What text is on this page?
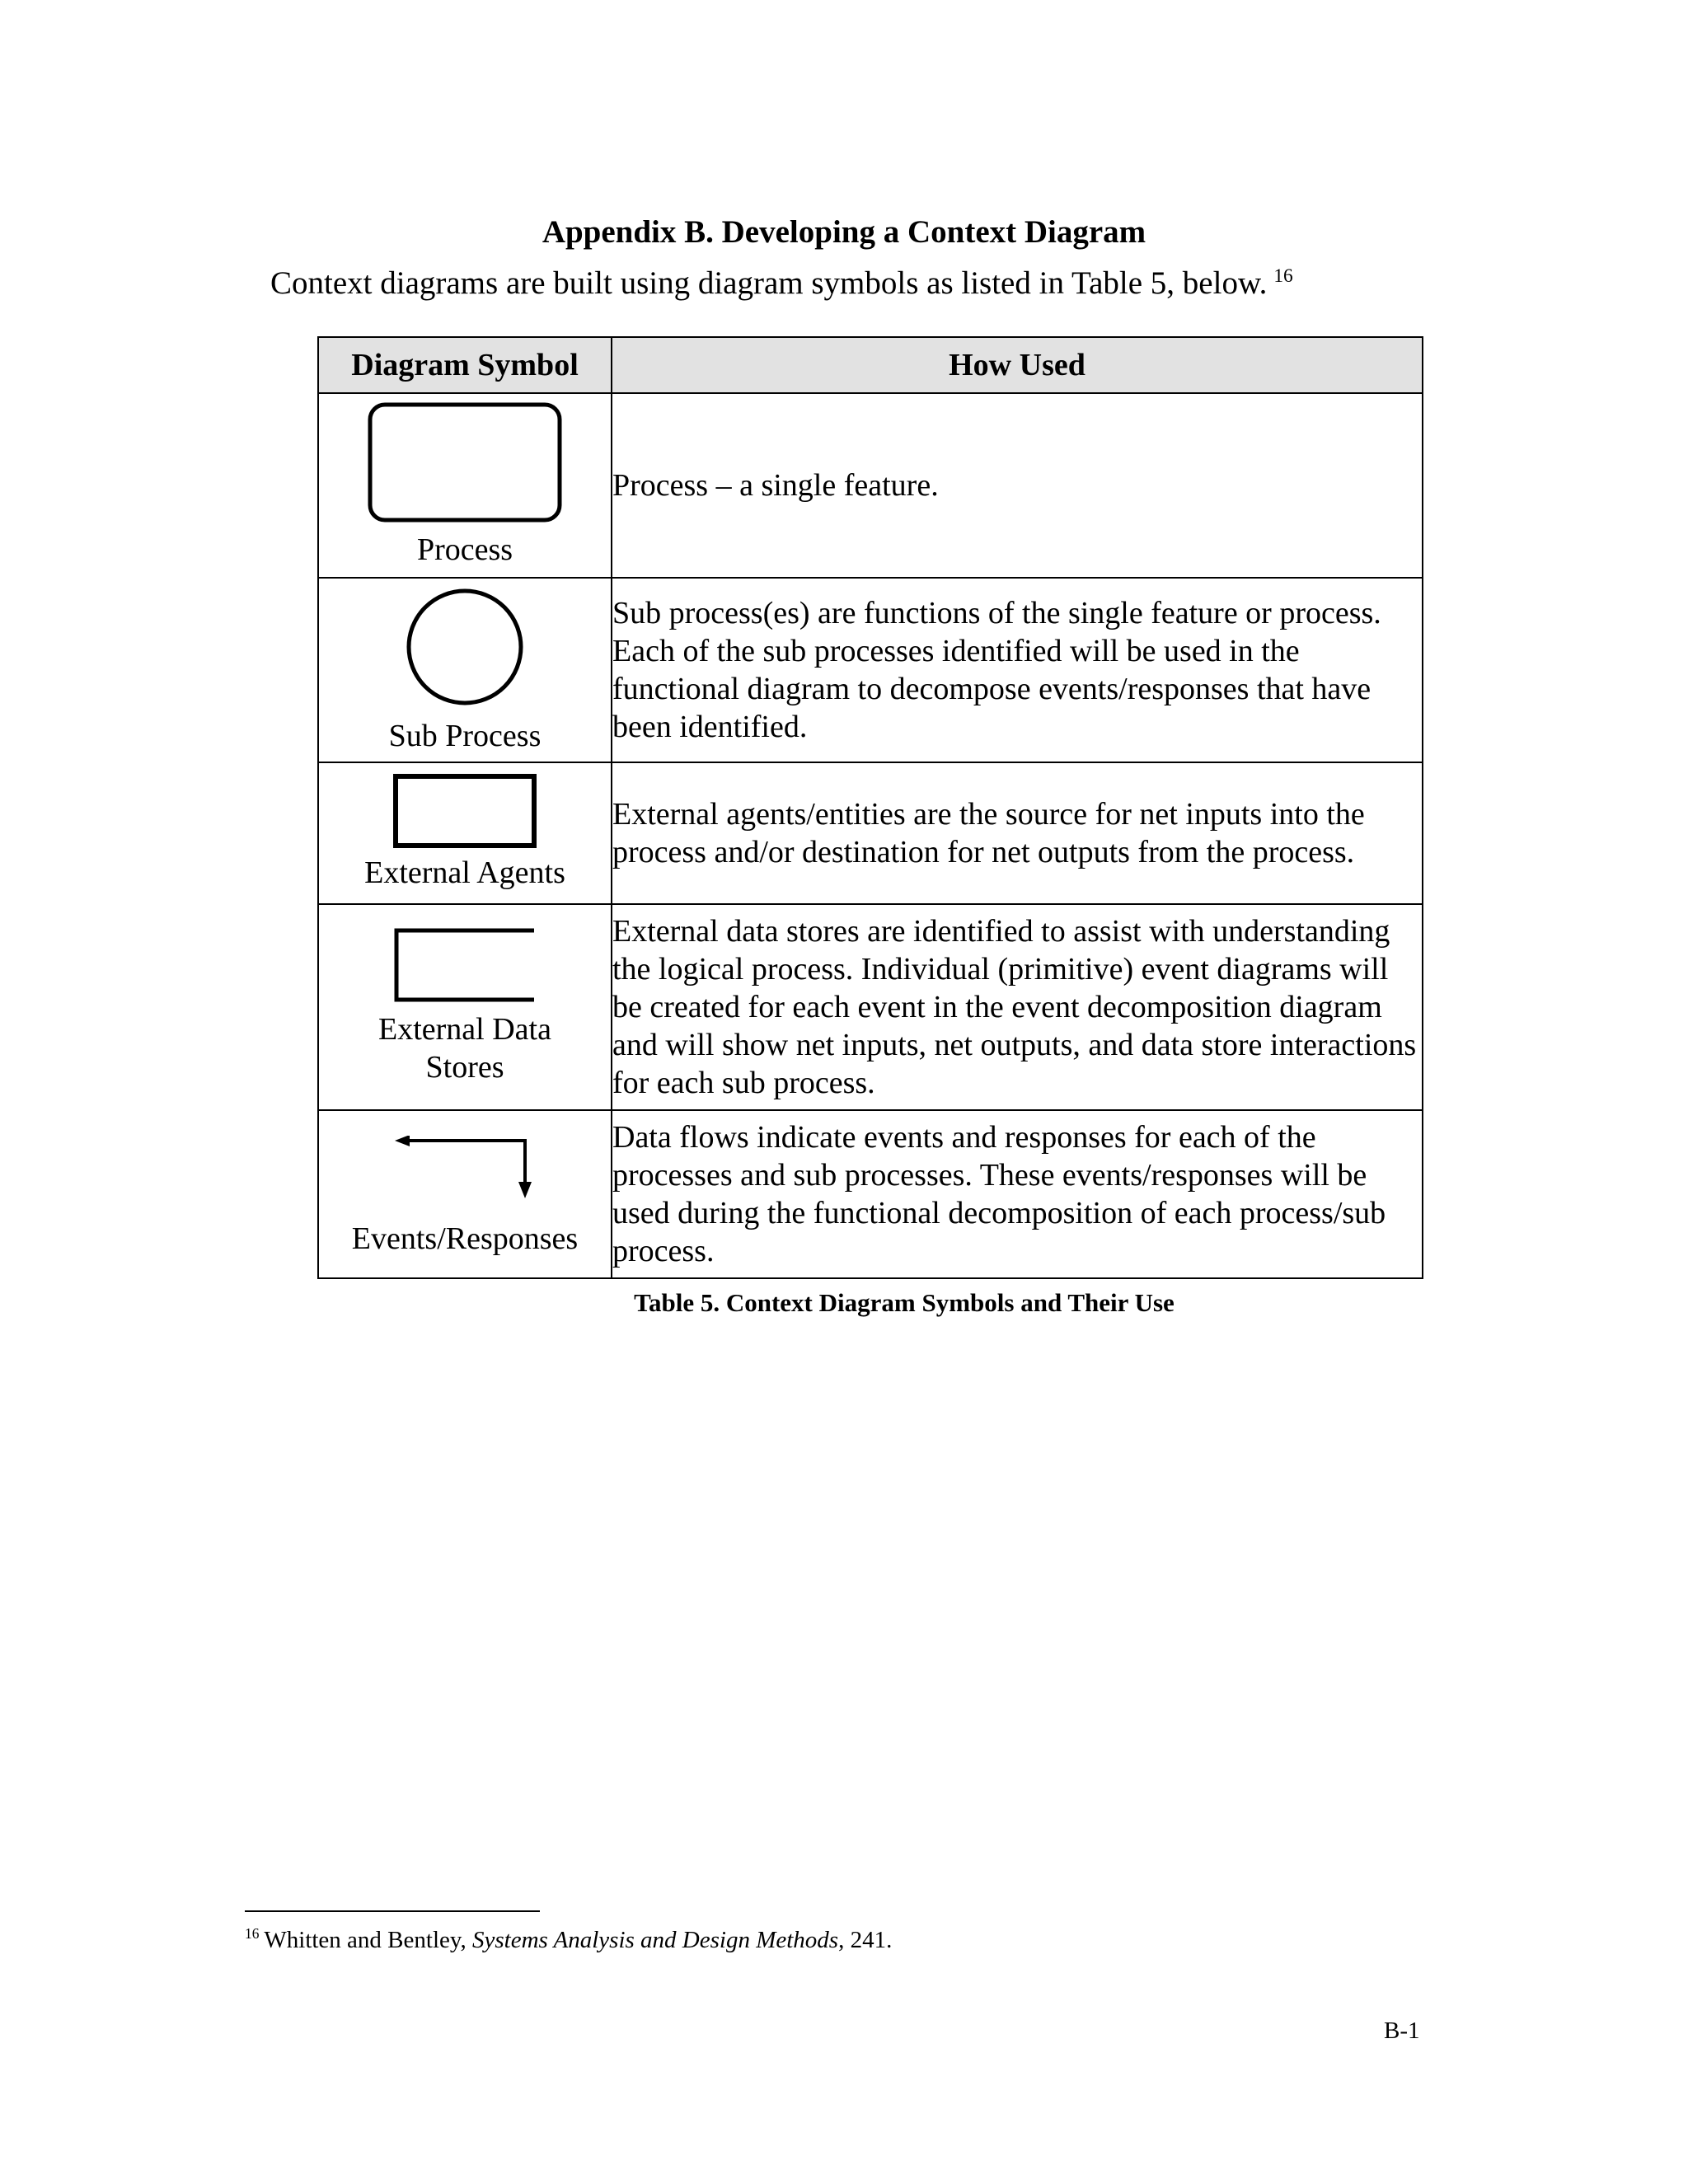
Appendix B. Developing a Context Diagram
Context diagrams are built using diagram symbols as listed in Table 5, below. $^{16}$
Diagram Symbol	How Used

Process	Process – a single feature.

Sub Process	Sub process(es) are functions of the single feature or process. Each of the sub processes identified will be used in the functional diagram to decompose events/responses that have been identified.

External Agents	External agents/entities are the source for net inputs into the process and/or destination for net outputs from the process.

External Data Stores	External data stores are identified to assist with understanding the logical process. Individual (primitive) event diagrams will be created for each event in the event decomposition diagram and will show net inputs, net outputs, and data store interactions for each sub process.

Events/Responses	Data flows indicate events and responses for each of the processes and sub processes. These events/responses will be used during the functional decomposition of each process/sub process.
Table 5. Context Diagram Symbols and Their Use
$^{16}$ Whitten and Bentley, Systems Analysis and Design Methods, 241.
B-1
